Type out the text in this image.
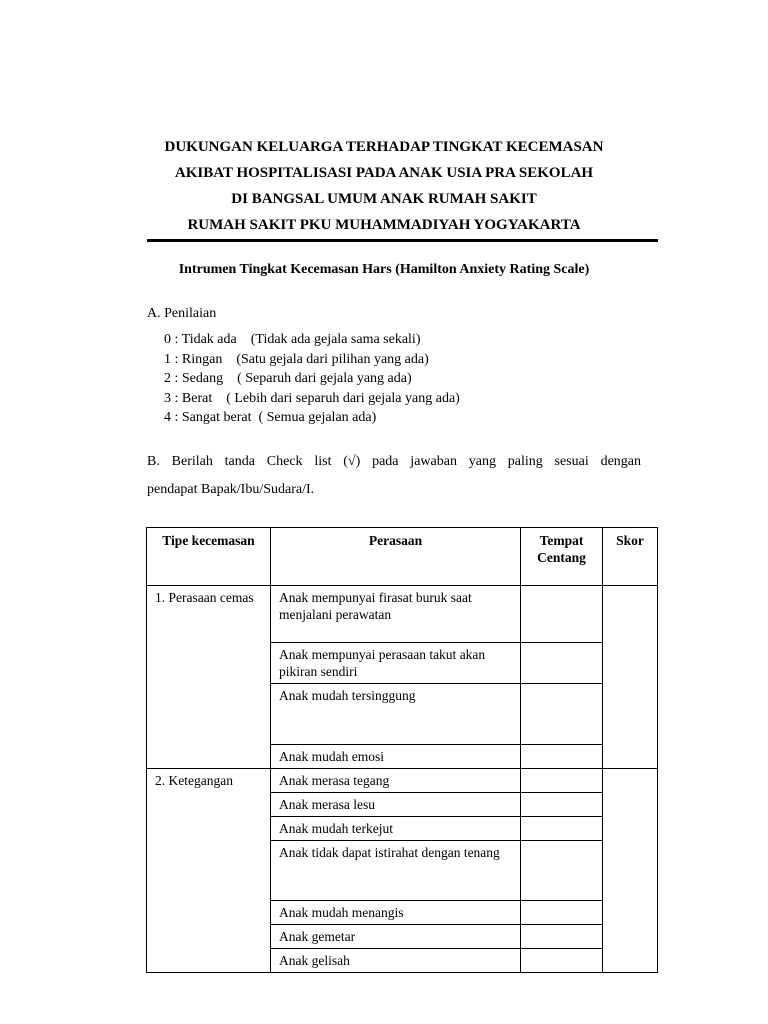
DUKUNGAN KELUARGA TERHADAP TINGKAT KECEMASAN
AKIBAT HOSPITALISASI PADA ANAK USIA PRA SEKOLAH
DI BANGSAL UMUM ANAK RUMAH SAKIT
RUMAH SAKIT PKU MUHAMMADIYAH YOGYAKARTA
Intrumen Tingkat Kecemasan Hars (Hamilton Anxiety Rating Scale)
A. Penilaian
0 : Tidak ada    (Tidak ada gejala sama sekali)
1 : Ringan    (Satu gejala dari pilihan yang ada)
2 : Sedang    ( Separuh dari gejala yang ada)
3 : Berat    ( Lebih dari separuh dari gejala yang ada)
4 : Sangat berat  ( Semua gejalan ada)
B. Berilah tanda Check list (√) pada jawaban yang paling sesuai dengan
pendapat Bapak/Ibu/Sudara/I.
Tipe kecemasan	Perasaan	Tempat Centang	Skor
1. Perasaan cemas	Anak mempunyai firasat buruk saat
menjalani perawatan		
	Anak mempunyai perasaan takut akan pikiran sendiri		
	Anak mudah tersinggung		
	Anak mudah emosi		
2. Ketegangan	Anak merasa tegang		
	Anak merasa lesu		
	Anak mudah terkejut		
	Anak tidak dapat istirahat dengan tenang		
	Anak mudah menangis		
	Anak gemetar		
	Anak gelisah		
